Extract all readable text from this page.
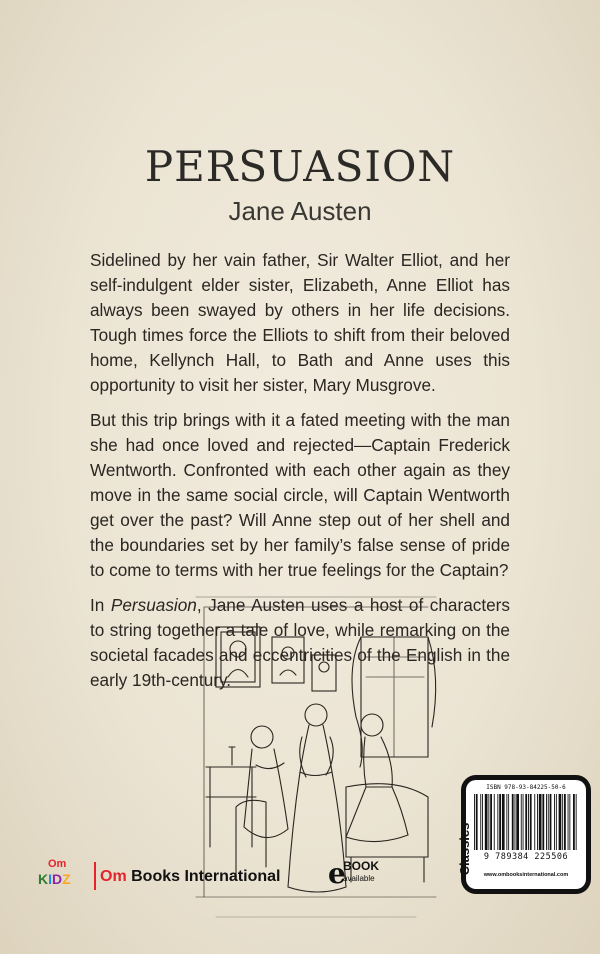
PERSUASION
Jane Austen

Sidelined by her vain father, Sir Walter Elliot, and her self-indulgent elder sister, Elizabeth, Anne Elliot has always been swayed by others in her life decisions. Tough times force the Elliots to shift from their beloved home, Kellynch Hall, to Bath and Anne uses this opportunity to visit her sister, Mary Musgrove.

But this trip brings with it a fated meeting with the man she had once loved and rejected—Captain Frederick Wentworth. Confronted with each other again as they move in the same social circle, will Captain Wentworth get over the past? Will Anne step out of her shell and the boundaries set by her family’s false sense of pride to come to terms with her true feelings for the Captain?

In Persuasion, Jane Austen uses a host of characters to string together a tale of love, while remarking on the societal facades and eccentricities of the English in the early 19th-century.

ISBN 978-93-84225-50-6
9 789384 225506
www.ombooksinternational.com
Classics
Om
KIDZ Om Books International e
BOOK
available
